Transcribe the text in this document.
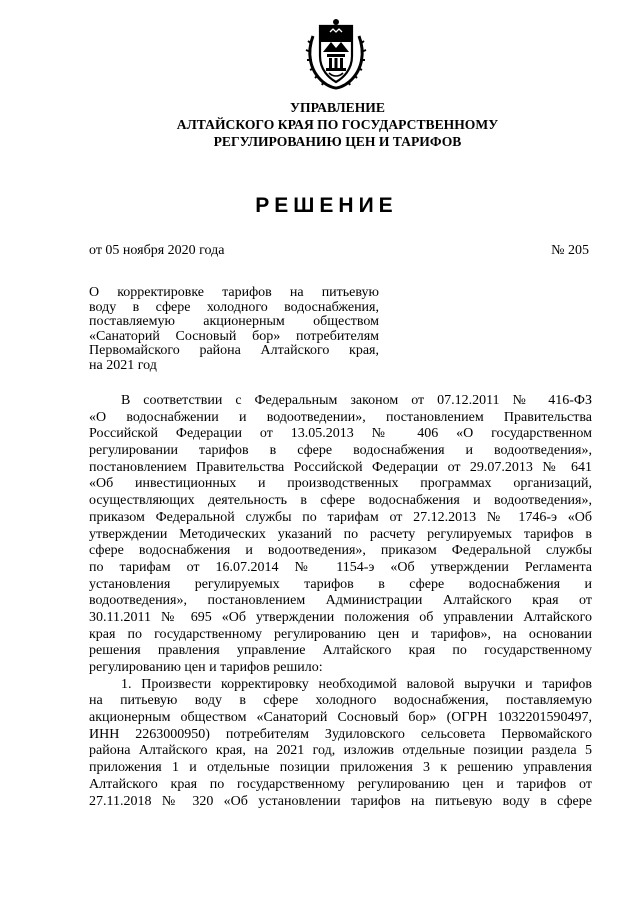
УПРАВЛЕНИЕ
АЛТАЙСКОГО КРАЯ ПО ГОСУДАРСТВЕННОМУ
РЕГУЛИРОВАНИЮ ЦЕН И ТАРИФОВ
РЕШЕНИЕ
от 05 ноября 2020 года	№ 205
О корректировке тарифов на питьевую
воду в сфере холодного водоснабжения,
поставляемую акционерным обществом
«Санаторий Сосновый бор» потребителям
Первомайского района Алтайского края,
на 2021 год
В соответствии с Федеральным законом от 07.12.2011 № 416-ФЗ
«О водоснабжении и водоотведении», постановлением Правительства
Российской Федерации от 13.05.2013 № 406 «О государственном
регулировании тарифов в сфере водоснабжения и водоотведения»,
постановлением Правительства Российской Федерации от 29.07.2013 № 641
«Об инвестиционных и производственных программах организаций,
осуществляющих деятельность в сфере водоснабжения и водоотведения»,
приказом Федеральной службы по тарифам от 27.12.2013 № 1746-э «Об
утверждении Методических указаний по расчету регулируемых тарифов в
сфере водоснабжения и водоотведения», приказом Федеральной службы
по тарифам от 16.07.2014 № 1154-э «Об утверждении Регламента
установления регулируемых тарифов в сфере водоснабжения и
водоотведения», постановлением Администрации Алтайского края от
30.11.2011 № 695 «Об утверждении положения об управлении Алтайского
края по государственному регулированию цен и тарифов», на основании
решения правления управление Алтайского края по государственному
регулированию цен и тарифов решило:
1. Произвести корректировку необходимой валовой выручки и тарифов
на питьевую воду в сфере холодного водоснабжения, поставляемую
акционерным обществом «Санаторий Сосновый бор» (ОГРН 1032201590497,
ИНН 2263000950) потребителям Зудиловского сельсовета Первомайского
района Алтайского края, на 2021 год, изложив отдельные позиции раздела 5
приложения 1 и отдельные позиции приложения 3 к решению управления
Алтайского края по государственному регулированию цен и тарифов от
27.11.2018 № 320 «Об установлении тарифов на питьевую воду в сфере
